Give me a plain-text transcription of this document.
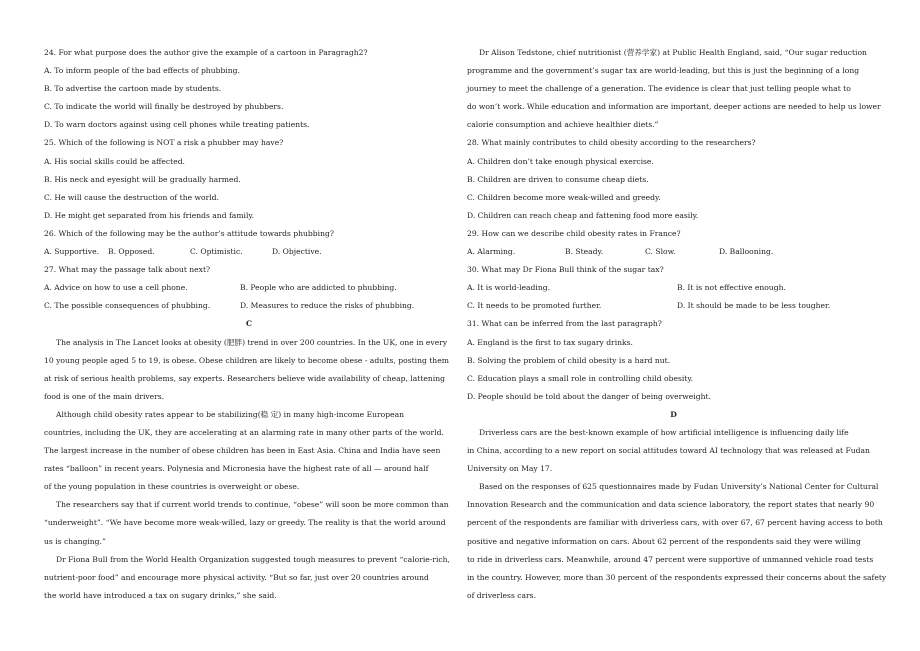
24. For what purpose does the author give the example of a cartoon in Paragragh2?
A. To inform people of the bad effects of phubbing.
B. To advertise the cartoon made by students.
C. To indicate the world will finally be destroyed by phubbers.
D. To warn doctors against using cell phones while treating patients.
25. Which of the following is NOT a risk a phubber may have?
A. His social skills could be affected.
B. His neck and eyesight will be gradually harmed.
C. He will cause the destruction of the world.
D. He might get separated from his friends and family.
26. Which of the following may be the author’s attitude towards phubbing?
A. Supportive.	B. Opposed.	C. Optimistic.	D. Objective.
27. What may the passage talk about next?
A. Advice on how to use a cell phone.	B. People who are addicted to phubbing.
C. The possible consequences of phubbing.	D. Measures to reduce the risks of phubbing.
C
The analysis in The Lancet looks at obesity (肥胖) trend in over 200 countries. In the UK, one in every
10 young people aged 5 to 19, is obese. Obese children are likely to become obese - adults, posting them
at risk of serious health problems, say experts. Researchers believe wide availability of cheap, lattening
food is one of the main drivers.
Although child obesity rates appear to be stabilizing(稳 定) in many high-income European
countries, including the UK, they are accelerating at an alarming rate in many other parts of the world.
The largest increase in the number of obese children has been in East Asia. China and India have seen
rates “balloon” in recent years. Polynesia and Micronesia have the highest rate of all — around half
of the young population in these countries is overweight or obese.
The researchers say that if current world trends to continue, “obese” will soon be more common than
“underweight”. “We have become more weak-willed, lazy or greedy. The reality is that the world around
us is changing.”
Dr Fiona Bull from the World Health Organization suggested tough measures to prevent “calorie-rich,
nutrient-poor food” and encourage more physical activity. “But so far, just over 20 countries around
the world have introduced a tax on sugary drinks,” she said.
Dr Alison Tedstone, chief nutritionist (营养学家) at Public Health England, said, “Our sugar reduction
programme and the government’s sugar tax are world-leading, but this is just the beginning of a long
journey to meet the challenge of a generation. The evidence is clear that just telling people what to
do won’t work. While education and information are important, deeper actions are needed to help us lower
calorie consumption and achieve healthier diets.”
28. What mainly contributes to child obesity according to the researchers?
A. Children don’t take enough physical exercise.
B. Children are driven to consume cheap diets.
C. Children become more weak-willed and greedy.
D. Children can reach cheap and fattening food more easily.
29. How can we describe child obesity rates in France?
A. Alarming.	B. Steady.	C. Slow.	D. Ballooning.
30. What may Dr Fiona Bull think of the sugar tax?
A. It is world-leading.	B. It is not effective enough.
C. It needs to be promoted further.	D. It should be made to be less tougher.
31. What can be inferred from the last paragraph?
A. England is the first to tax sugary drinks.
B. Solving the problem of child obesity is a hard nut.
C. Education plays a small role in controlling child obesity.
D. People should be told about the danger of being overweight.
D
Driverless cars are the best-known example of how artificial intelligence is influencing daily life
in China, according to a new report on social attitudes toward AI technology that was released at Fudan
University on May 17.
Based on the responses of 625 questionnaires made by Fudan University’s National Center for Cultural
Innovation Research and the communication and data science laboratory, the report states that nearly 90
percent of the respondents are familiar with driverless cars, with over 67, 67 percent having access to both
positive and negative information on cars. About 62 percent of the respondents said they were willing
to ride in driverless cars. Meanwhile, around 47 percent were supportive of unmanned vehicle road tests
in the country. However, more than 30 percent of the respondents expressed their concerns about the safety
of driverless cars.
